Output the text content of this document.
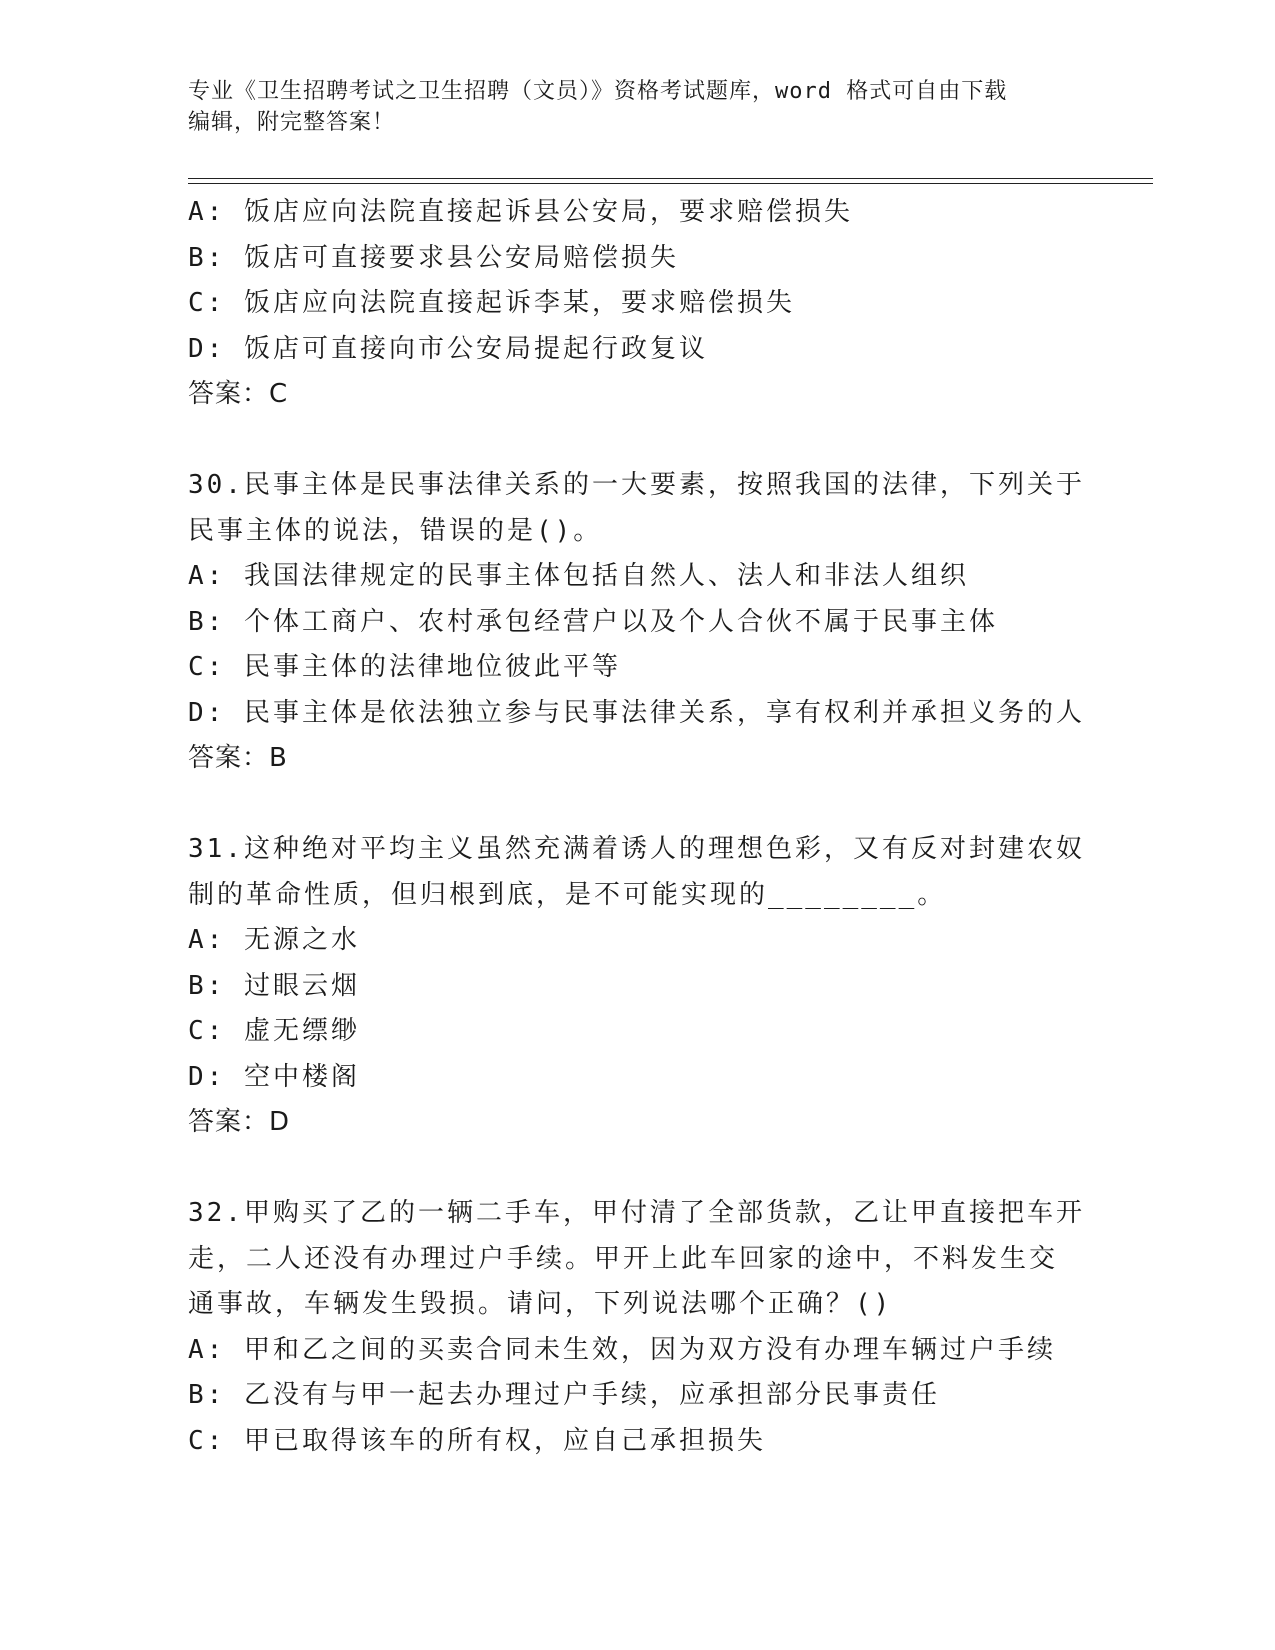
专业《卫生招聘考试之卫生招聘（文员）》资格考试题库，word 格式可自由下载
编辑，附完整答案！
A: 饭店应向法院直接起诉县公安局，要求赔偿损失
B: 饭店可直接要求县公安局赔偿损失
C: 饭店应向法院直接起诉李某，要求赔偿损失
D: 饭店可直接向市公安局提起行政复议
答案：C
30.民事主体是民事法律关系的一大要素，按照我国的法律，下列关于
民事主体的说法，错误的是()。
A: 我国法律规定的民事主体包括自然人、法人和非法人组织
B: 个体工商户、农村承包经营户以及个人合伙不属于民事主体
C: 民事主体的法律地位彼此平等
D: 民事主体是依法独立参与民事法律关系，享有权利并承担义务的人
答案：B
31.这种绝对平均主义虽然充满着诱人的理想色彩，又有反对封建农奴
制的革命性质，但归根到底，是不可能实现的________。
A: 无源之水
B: 过眼云烟
C: 虚无缥缈
D: 空中楼阁
答案：D
32.甲购买了乙的一辆二手车，甲付清了全部货款，乙让甲直接把车开
走，二人还没有办理过户手续。甲开上此车回家的途中，不料发生交
通事故，车辆发生毁损。请问，下列说法哪个正确？()
A: 甲和乙之间的买卖合同未生效，因为双方没有办理车辆过户手续
B: 乙没有与甲一起去办理过户手续，应承担部分民事责任
C: 甲已取得该车的所有权，应自己承担损失
